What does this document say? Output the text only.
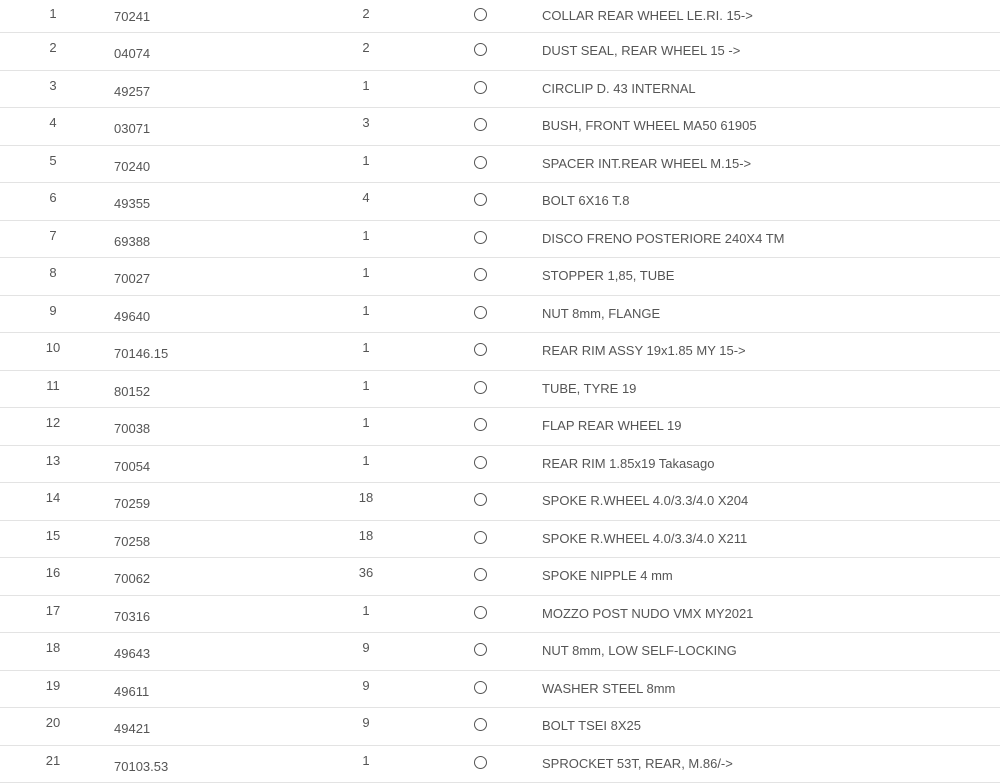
1	70241	2	COLLAR REAR WHEEL LE.RI. 15->
2	04074	2	DUST SEAL, REAR WHEEL 15 ->
3	49257	1	CIRCLIP D. 43 INTERNAL
4	03071	3	BUSH, FRONT WHEEL MA50 61905
5	70240	1	SPACER INT.REAR WHEEL M.15->
6	49355	4	BOLT 6X16 T.8
7	69388	1	DISCO FRENO POSTERIORE 240X4 TM
8	70027	1	STOPPER 1,85, TUBE
9	49640	1	NUT 8mm, FLANGE
10	70146.15	1	REAR RIM ASSY 19x1.85 MY 15->
11	80152	1	TUBE, TYRE 19
12	70038	1	FLAP REAR WHEEL 19
13	70054	1	REAR RIM 1.85x19 Takasago
14	70259	18	SPOKE R.WHEEL 4.0/3.3/4.0 X204
15	70258	18	SPOKE R.WHEEL 4.0/3.3/4.0 X211
16	70062	36	SPOKE NIPPLE 4 mm
17	70316	1	MOZZO POST NUDO VMX MY2021
18	49643	9	NUT 8mm, LOW SELF-LOCKING
19	49611	9	WASHER STEEL 8mm
20	49421	9	BOLT TSEI 8X25
21	70103.53	1	SPROCKET 53T, REAR, M.86/->
